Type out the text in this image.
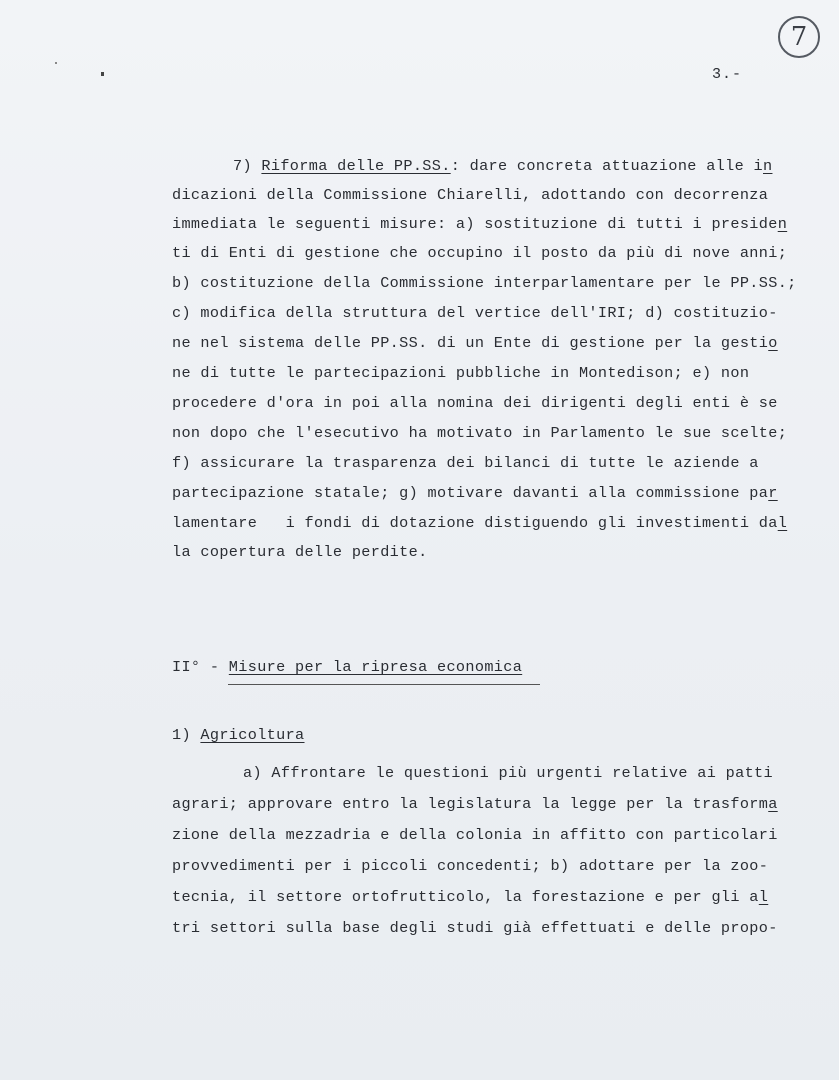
7
3.-
7) Riforma delle PP.SS.: dare concreta attuazione alle in
dicazioni della Commissione Chiarelli, adottando con decorrenza
immediata le seguenti misure: a) sostituzione di tutti i presiden
ti di Enti di gestione che occupino il posto da più di nove anni;
b) costituzione della Commissione interparlamentare per le PP.SS.;
c) modifica della struttura del vertice dell'IRI; d) costituzio-
ne nel sistema delle PP.SS. di un Ente di gestione per la gestio
ne di tutte le partecipazioni pubbliche in Montedison; e) non
procedere d'ora in poi alla nomina dei dirigenti degli enti è se
non dopo che l'esecutivo ha motivato in Parlamento le sue scelte;
f) assicurare la trasparenza dei bilanci di tutte le aziende a
partecipazione statale; g) motivare davanti alla commissione par
lamentare   i fondi di dotazione distiguendo gli investimenti dal
la copertura delle perdite.
II° - Misure per la ripresa economica
1) Agricoltura
a) Affrontare le questioni più urgenti relative ai patti
agrari; approvare entro la legislatura la legge per la trasforma
zione della mezzadria e della colonia in affitto con particolari
provvedimenti per i piccoli concedenti; b) adottare per la zoo-
tecnia, il settore ortofrutticolo, la forestazione e per gli al
tri settori sulla base degli studi già effettuati e delle propo-
